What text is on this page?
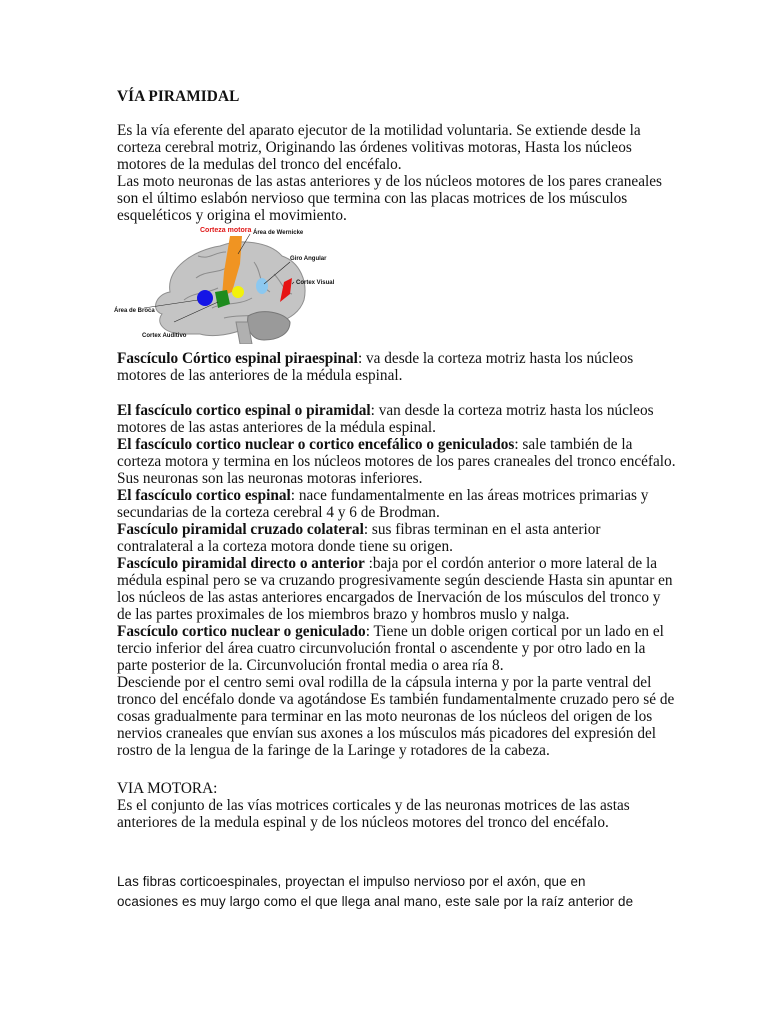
VÍA PIRAMIDAL

Es la vía eferente del aparato ejecutor de la motilidad voluntaria. Se extiende desde la corteza cerebral motriz, Originando las órdenes volitivas motoras, Hasta los núcleos motores de la medulas del tronco del encéfalo.

Las moto neuronas de las astas anteriores y de los núcleos motores de los pares craneales son el último eslabón nervioso que termina con las placas motrices de los músculos esqueléticos y origina el movimiento.

Corteza motora Área de Wernicke
Giro Angular
Cortex Visual
Área de Broca
Cortex Auditivo

Fascículo Córtico espinal piraespinal: va desde la corteza motriz hasta los núcleos motores de las anteriores de la médula espinal.

El fascículo cortico espinal o piramidal: van desde la corteza motriz hasta los núcleos motores de las astas anteriores de la médula espinal.

El fascículo cortico nuclear o cortico encefálico o geniculados: sale también de la corteza motora y termina en los núcleos motores de los pares craneales del tronco encéfalo. Sus neuronas son las neuronas motoras inferiores.

El fascículo cortico espinal: nace fundamentalmente en las áreas motrices primarias y secundarias de la corteza cerebral 4 y 6 de Brodman.

Fascículo piramidal cruzado colateral: sus fibras terminan en el asta anterior contralateral a la corteza motora donde tiene su origen.

Fascículo piramidal directo o anterior :baja por el cordón anterior o more lateral de la médula espinal pero se va cruzando progresivamente según desciende Hasta sin apuntar en los núcleos de las astas anteriores encargados de Inervación de los músculos del tronco y de las partes proximales de los miembros brazo y hombros muslo y nalga.

Fascículo cortico nuclear o geniculado: Tiene un doble origen cortical por un lado en el tercio inferior del área cuatro circunvolución frontal o ascendente y por otro lado en la parte posterior de la. Circunvolución frontal media o area ría 8.

Desciende por el centro semi oval rodilla de la cápsula interna y por la parte ventral del tronco del encéfalo donde va agotándose Es también fundamentalmente cruzado pero sé de cosas gradualmente para terminar en las moto neuronas de los núcleos del origen de los nervios craneales que envían sus axones a los músculos más picadores del expresión del rostro de la lengua de la faringe de la Laringe y rotadores de la cabeza.

VIA MOTORA:

Es el conjunto de las vías motrices corticales y de las neuronas motrices de las astas anteriores de la medula espinal y de los núcleos motores del tronco del encéfalo.

Las fibras corticoespinales, proyectan el impulso nervioso por el axón, que en ocasiones es muy largo como el que llega anal mano, este sale por la raíz anterior de
